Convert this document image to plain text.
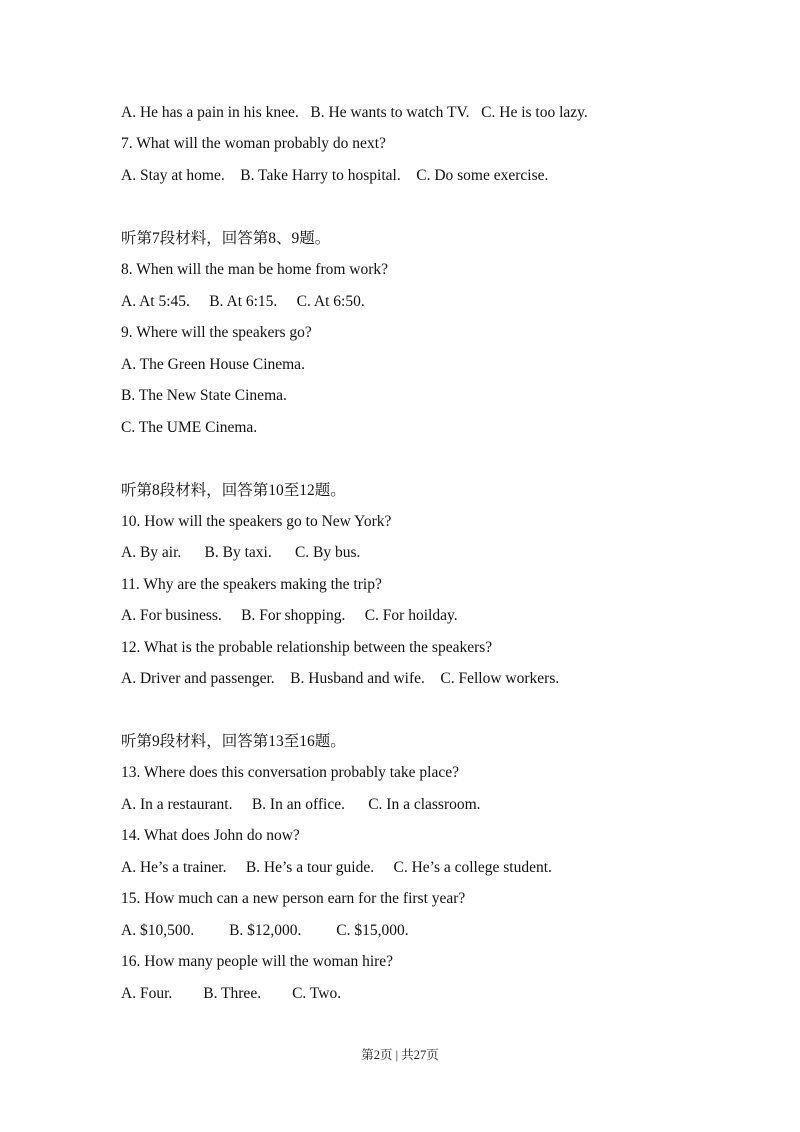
A. He has a pain in his knee.   B. He wants to watch TV.   C. He is too lazy.
7. What will the woman probably do next?
A. Stay at home.    B. Take Harry to hospital.    C. Do some exercise.
听第7段材料，回答第8、9题。
8. When will the man be home from work?
A. At 5:45.     B. At 6:15.     C. At 6:50.
9. Where will the speakers go?
A. The Green House Cinema.
B. The New State Cinema.
C. The UME Cinema.
听第8段材料，回答第10至12题。
10. How will the speakers go to New York?
A. By air.      B. By taxi.      C. By bus.
11. Why are the speakers making the trip?
A. For business.     B. For shopping.     C. For hoilday.
12. What is the probable relationship between the speakers?
A. Driver and passenger.    B. Husband and wife.    C. Fellow workers.
听第9段材料，回答第13至16题。
13. Where does this conversation probably take place?
A. In a restaurant.     B. In an office.      C. In a classroom.
14. What does John do now?
A. He’s a trainer.     B. He’s a tour guide.     C. He’s a college student.
15. How much can a new person earn for the first year?
A. $10,500.         B. $12,000.         C. $15,000.
16. How many people will the woman hire?
A. Four.        B. Three.        C. Two.
第2页 | 共27页
